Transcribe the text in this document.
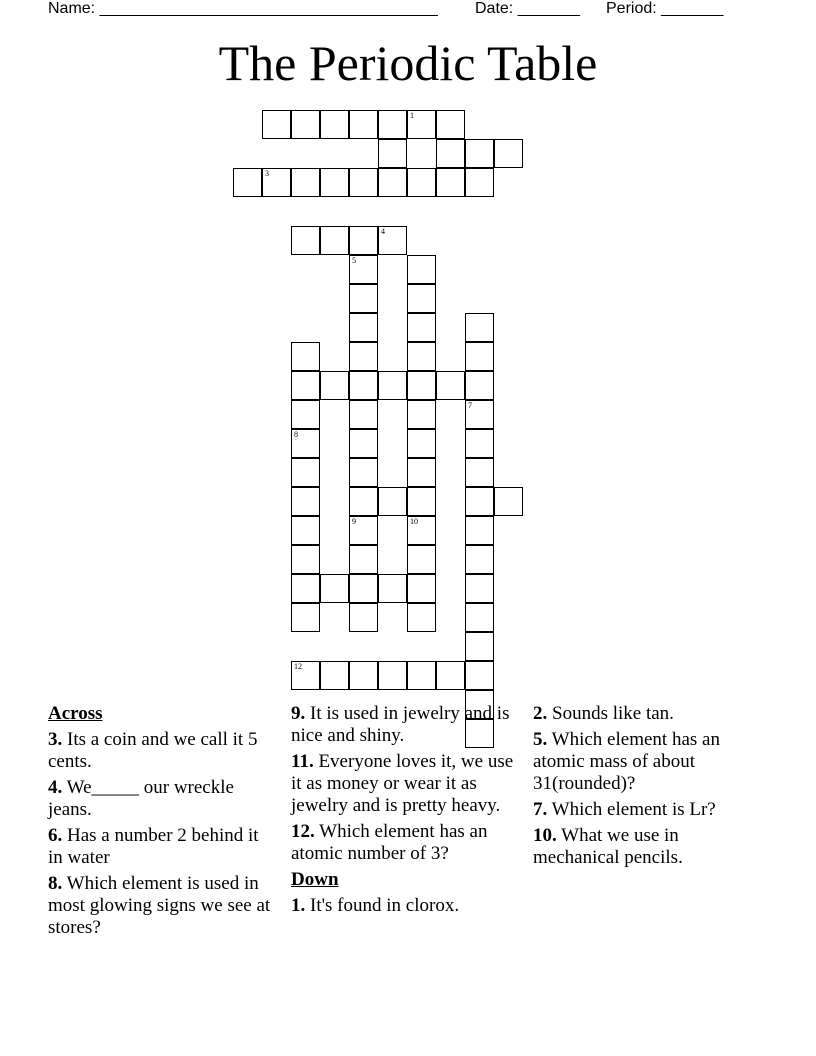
Name: ______________________________________ Date: _______ Period: _______
The Periodic Table
10
5
9
8
7
1
3
4
12
Across
3. Its a coin and we call it 5 cents.
4. We_____ our wreckle jeans.
6. Has a number 2 behind it in water
8. Which element is used in most glowing signs we see at stores?
9. It is used in jewelry and is nice and shiny.
11. Everyone loves it, we use it as money or wear it as jewelry and is pretty heavy.
12. Which element has an atomic number of 3?
Down
1. It's found in clorox.
2. Sounds like tan.
5. Which element has an atomic mass of about 31(rounded)?
7. Which element is Lr?
10. What we use in mechanical pencils.
